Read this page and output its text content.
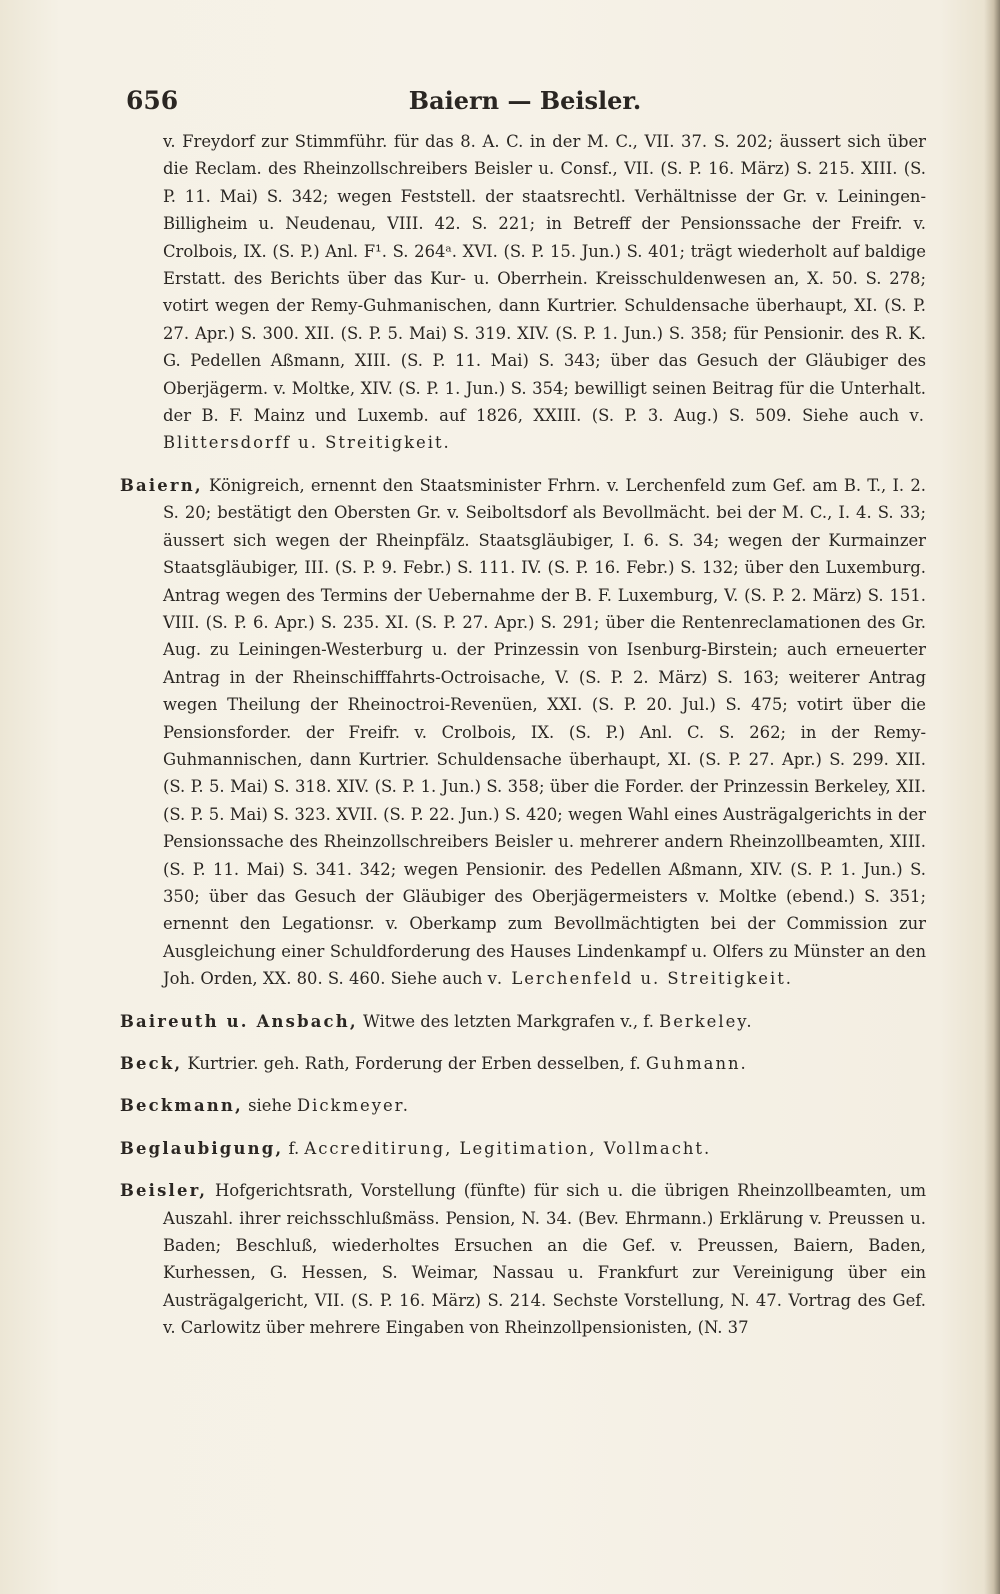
656	Baiern — Beisler.

v. Freydorf zur Stimmführ. für das 8. A. C. in der M. C., VII. 37. S. 202; äussert sich über die Reclam. des Rheinzollschreibers Beisler u. Consf., VII. (S. P. 16. März) S. 215. XIII. (S. P. 11. Mai) S. 342; wegen Feststell. der staatsrechtl. Verhältnisse der Gr. v. Leiningen-Billigheim u. Neudenau, VIII. 42. S. 221; in Betreff der Pensionssache der Freifr. v. Crolbois, IX. (S. P.) Anl. F¹. S. 264ᵃ. XVI. (S. P. 15. Jun.) S. 401; trägt wiederholt auf baldige Erstatt. des Berichts über das Kur- u. Oberrhein. Kreisschuldenwesen an, X. 50. S. 278; votirt wegen der Remy-Guhmanischen, dann Kurtrier. Schuldensache überhaupt, XI. (S. P. 27. Apr.) S. 300. XII. (S. P. 5. Mai) S. 319. XIV. (S. P. 1. Jun.) S. 358; für Pensionir. des R. K. G. Pedellen Aßmann, XIII. (S. P. 11. Mai) S. 343; über das Gesuch der Gläubiger des Oberjägerm. v. Moltke, XIV. (S. P. 1. Jun.) S. 354; bewilligt seinen Beitrag für die Unterhalt. der B. F. Mainz und Luxemb. auf 1826, XXIII. (S. P. 3. Aug.) S. 509. Siehe auch v. Blittersdorff u. Streitigkeit.

Baiern, Königreich, ernennt den Staatsminister Frhrn. v. Lerchenfeld zum Gef. am B. T., I. 2. S. 20; bestätigt den Obersten Gr. v. Seiboltsdorf als Bevollmächt. bei der M. C., I. 4. S. 33; äussert sich wegen der Rheinpfälz. Staatsgläubiger, I. 6. S. 34; wegen der Kurmainzer Staatsgläubiger, III. (S. P. 9. Febr.) S. 111. IV. (S. P. 16. Febr.) S. 132; über den Luxemburg. Antrag wegen des Termins der Uebernahme der B. F. Luxemburg, V. (S. P. 2. März) S. 151. VIII. (S. P. 6. Apr.) S. 235. XI. (S. P. 27. Apr.) S. 291; über die Rentenreclamationen des Gr. Aug. zu Leiningen-Westerburg u. der Prinzessin von Isenburg-Birstein; auch erneuerter Antrag in der Rheinschifffahrts-Octroisache, V. (S. P. 2. März) S. 163; weiterer Antrag wegen Theilung der Rheinoctroi-Revenüen, XXI. (S. P. 20. Jul.) S. 475; votirt über die Pensionsforder. der Freifr. v. Crolbois, IX. (S. P.) Anl. C. S. 262; in der Remy-Guhmannischen, dann Kurtrier. Schuldensache überhaupt, XI. (S. P. 27. Apr.) S. 299. XII. (S. P. 5. Mai) S. 318. XIV. (S. P. 1. Jun.) S. 358; über die Forder. der Prinzessin Berkeley, XII. (S. P. 5. Mai) S. 323. XVII. (S. P. 22. Jun.) S. 420; wegen Wahl eines Austrägalgerichts in der Pensionssache des Rheinzollschreibers Beisler u. mehrerer andern Rheinzollbeamten, XIII. (S. P. 11. Mai) S. 341. 342; wegen Pensionir. des Pedellen Aßmann, XIV. (S. P. 1. Jun.) S. 350; über das Gesuch der Gläubiger des Oberjägermeisters v. Moltke (ebend.) S. 351; ernennt den Legationsr. v. Oberkamp zum Bevollmächtigten bei der Commission zur Ausgleichung einer Schuldforderung des Hauses Lindenkampf u. Olfers zu Münster an den Joh. Orden, XX. 80. S. 460. Siehe auch v. Lerchenfeld u. Streitigkeit.

Baireuth u. Ansbach, Witwe des letzten Markgrafen v., f. Berkeley.

Beck, Kurtrier. geh. Rath, Forderung der Erben desselben, f. Guhmann.

Beckmann, siehe Dickmeyer.

Beglaubigung, f. Accreditirung, Legitimation, Vollmacht.

Beisler, Hofgerichtsrath, Vorstellung (fünfte) für sich u. die übrigen Rheinzollbeamten, um Auszahl. ihrer reichsschlußmäss. Pension, N. 34. (Bev. Ehrmann.) Erklärung v. Preussen u. Baden; Beschluß, wiederholtes Ersuchen an die Gef. v. Preussen, Baiern, Baden, Kurhessen, G. Hessen, S. Weimar, Nassau u. Frankfurt zur Vereinigung über ein Austrägalgericht, VII. (S. P. 16. März) S. 214. Sechste Vorstellung, N. 47. Vortrag des Gef. v. Carlowitz über mehrere Eingaben von Rheinzollpensionisten, (N. 37
